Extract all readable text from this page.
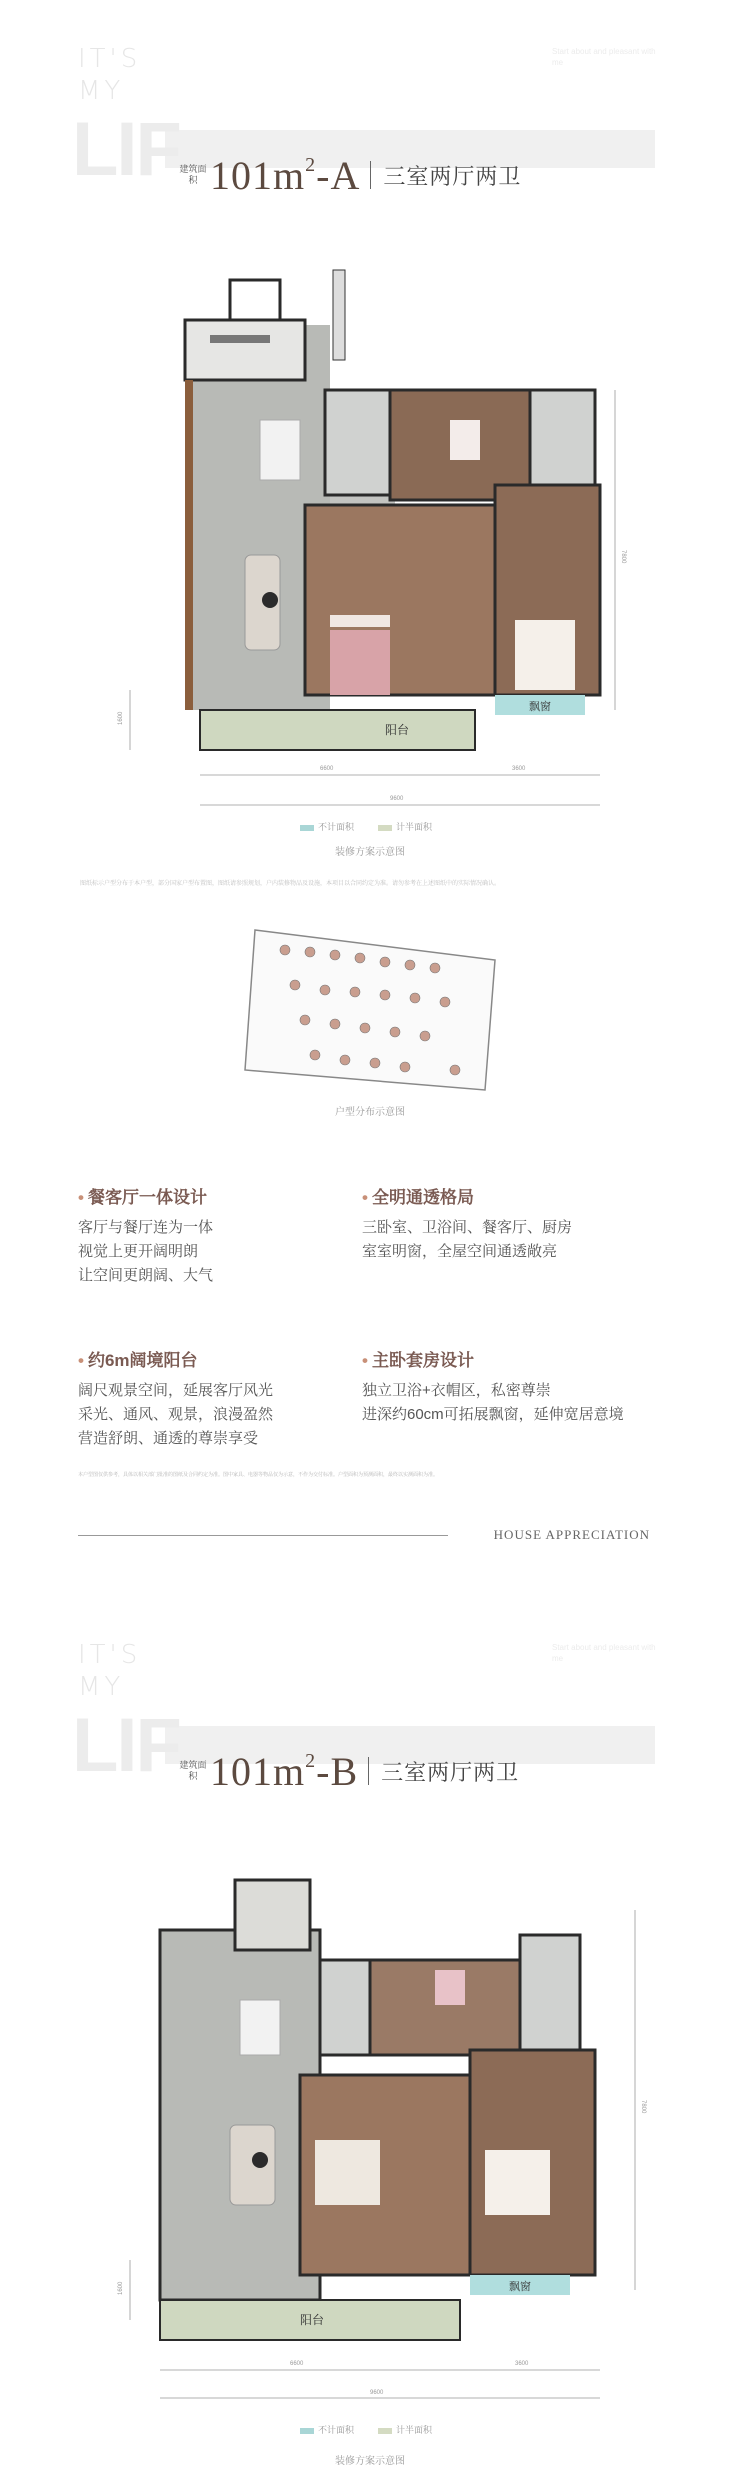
IT'S
MY
Start about and pleasant with me
LIF 建筑面积 $101m^2-A$ 三室两厅两卫
1600
7800
飘窗
阳台
6600	3600
9600
不计面积	计半面积
装修方案示意图
图纸标示户型分布于本户型，部分国家户型布置图，图纸请参照规划，户内装修物品及设施，本项目以合同约定为准。请勿参考在上述图纸中的实际情况确认。
户型分布示意图
• 餐客厅一体设计

客厅与餐厅连为一体

视觉上更开阔明朗

让空间更朗阔、大气

• 全明通透格局

三卧室、卫浴间、餐客厅、厨房

室室明窗，全屋空间通透敞亮

• 约6m阔境阳台

阔尺观景空间，延展客厅风光

采光、通风、观景，浪漫盈然

营造舒朗、通透的尊崇享受

• 主卧套房设计

独立卫浴+衣帽区，私密尊崇

进深约60cm可拓展飘窗，延伸宽居意境

本户型图仅供参考，具体以相关部门批准的图纸及合同约定为准。图中家具、电器等物品仅为示意，不作为交付标准。户型面积为预测面积，最终以实测面积为准。
HOUSE APPRECIATION
IT'S
MY
Start about and pleasant with me
LIF 建筑面积 $101m^2-B$ 三室两厅两卫
1600
7800
飘窗
阳台
6600	3600
9600
不计面积	计半面积
装修方案示意图
